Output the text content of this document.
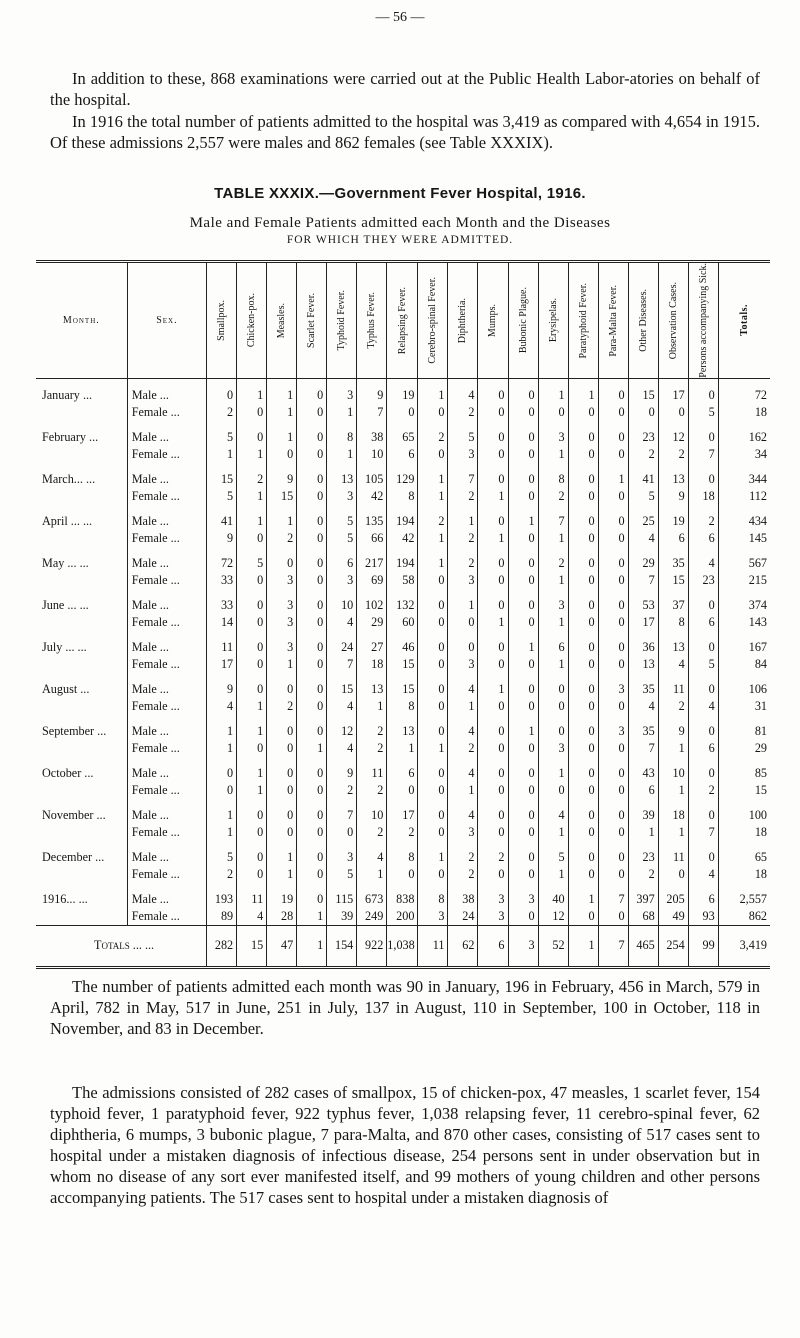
— 56 —

In addition to these, 868 examinations were carried out at the Public Health Labor-atories on behalf of the hospital.

In 1916 the total number of patients admitted to the hospital was 3,419 as compared with 4,654 in 1915. Of these admissions 2,557 were males and 862 females (see Table XXXIX).

TABLE XXXIX.—Government Fever Hospital, 1916.
Male and Female Patients admitted each Month and the Diseases
FOR WHICH THEY WERE ADMITTED.
Month.	Sex.	Smallpox.	Chicken-pox.	Measles.	Scarlet Fever.	Typhoid Fever.	Typhus Fever.	Relapsing Fever.	Cerebro-spinal Fever.	Diphtheria.	Mumps.	Bubonic Plague.	Erysipelas.	Paratyphoid Fever.	Para-Malta Fever.	Other Diseases.	Observation Cases.	Persons accompanying Sick.	Totals.

January ...	Male ...	0	1	1	0	3	9	19	1	4	0	0	1	1	0	15	17	0	72
	Female ...	2	0	1	0	1	7	0	0	2	0	0	0	0	0	0	0	5	18
February ...	Male ...	5	0	1	0	8	38	65	2	5	0	0	3	0	0	23	12	0	162
	Female ...	1	1	0	0	1	10	6	0	3	0	0	1	0	0	2	2	7	34
March... ...	Male ...	15	2	9	0	13	105	129	1	7	0	0	8	0	1	41	13	0	344
	Female ...	5	1	15	0	3	42	8	1	2	1	0	2	0	0	5	9	18	112
April ... ...	Male ...	41	1	1	0	5	135	194	2	1	0	1	7	0	0	25	19	2	434
	Female ...	9	0	2	0	5	66	42	1	2	1	0	1	0	0	4	6	6	145
May ... ...	Male ...	72	5	0	0	6	217	194	1	2	0	0	2	0	0	29	35	4	567
	Female ...	33	0	3	0	3	69	58	0	3	0	0	1	0	0	7	15	23	215
June ... ...	Male ...	33	0	3	0	10	102	132	0	1	0	0	3	0	0	53	37	0	374
	Female ...	14	0	3	0	4	29	60	0	0	1	0	1	0	0	17	8	6	143
July ... ...	Male ...	11	0	3	0	24	27	46	0	0	0	1	6	0	0	36	13	0	167
	Female ...	17	0	1	0	7	18	15	0	3	0	0	1	0	0	13	4	5	84
August ...	Male ...	9	0	0	0	15	13	15	0	4	1	0	0	0	3	35	11	0	106
	Female ...	4	1	2	0	4	1	8	0	1	0	0	0	0	0	4	2	4	31
September ...	Male ...	1	1	0	0	12	2	13	0	4	0	1	0	0	3	35	9	0	81
	Female ...	1	0	0	1	4	2	1	1	2	0	0	3	0	0	7	1	6	29
October ...	Male ...	0	1	0	0	9	11	6	0	4	0	0	1	0	0	43	10	0	85
	Female ...	0	1	0	0	2	2	0	0	1	0	0	0	0	0	6	1	2	15
November ...	Male ...	1	0	0	0	7	10	17	0	4	0	0	4	0	0	39	18	0	100
	Female ...	1	0	0	0	0	2	2	0	3	0	0	1	0	0	1	1	7	18
December ...	Male ...	5	0	1	0	3	4	8	1	2	2	0	5	0	0	23	11	0	65
	Female ...	2	0	1	0	5	1	0	0	2	0	0	1	0	0	2	0	4	18
1916... ...	Male ...	193	11	19	0	115	673	838	8	38	3	3	40	1	7	397	205	6	2,557
	Female ...	89	4	28	1	39	249	200	3	24	3	0	12	0	0	68	49	93	862
Totals ... ...		282	15	47	1	154	922	1,038	11	62	6	3	52	1	7	465	254	99	3,419

The number of patients admitted each month was 90 in January, 196 in February, 456 in March, 579 in April, 782 in May, 517 in June, 251 in July, 137 in August, 110 in September, 100 in October, 118 in November, and 83 in December.

The admissions consisted of 282 cases of smallpox, 15 of chicken-pox, 47 measles, 1 scarlet fever, 154 typhoid fever, 1 paratyphoid fever, 922 typhus fever, 1,038 relapsing fever, 11 cerebro-spinal fever, 62 diphtheria, 6 mumps, 3 bubonic plague, 7 para-Malta, and 870 other cases, consisting of 517 cases sent to hospital under a mistaken diagnosis of infectious disease, 254 persons sent in under observation but in whom no disease of any sort ever manifested itself, and 99 mothers of young children and other persons accompanying patients. The 517 cases sent to hospital under a mistaken diagnosis of
